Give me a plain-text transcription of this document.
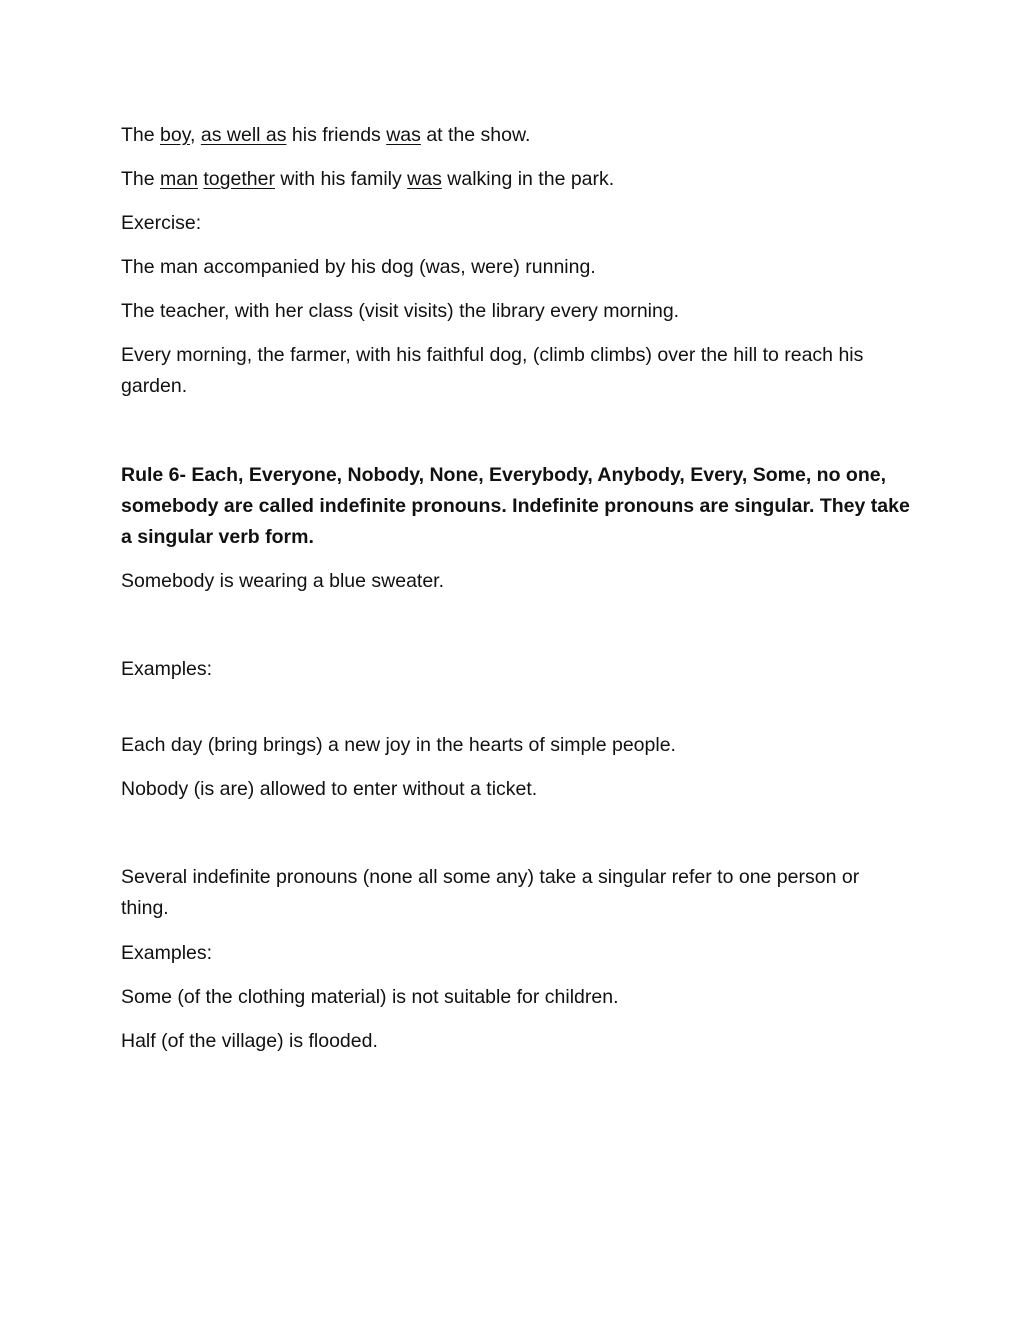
The boy, as well as his friends was at the show.

The man together with his family was walking in the park.

Exercise:

The man accompanied by his dog (was, were) running.

The teacher, with her class (visit visits) the library every morning.

Every morning, the farmer, with his faithful dog, (climb climbs) over the hill to reach his garden.

Rule 6- Each, Everyone, Nobody, None, Everybody, Anybody, Every, Some, no one, somebody are called indefinite pronouns. Indefinite pronouns are singular. They take a singular verb form.

Somebody is wearing a blue sweater.

Examples:

Each day (bring brings) a new joy in the hearts of simple people.

Nobody (is are) allowed to enter without a ticket.

Several indefinite pronouns (none all some any) take a singular refer to one person or thing.

Examples:

Some (of the clothing material) is not suitable for children.

Half (of the village) is flooded.
